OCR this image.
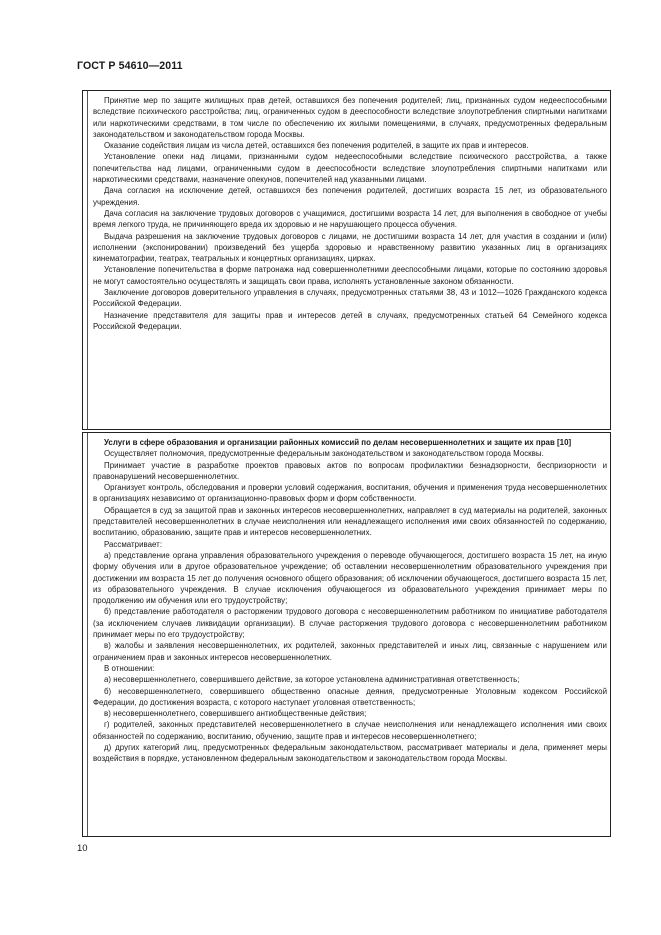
ГОСТ Р 54610—2011

Принятие мер по защите жилищных прав детей, оставшихся без попечения родителей; лиц, признанных судом недееспособными вследствие психического расстройства; лиц, ограниченных судом в дееспособности вследствие злоупотребления спиртными напитками или наркотическими средствами, в том числе по обеспечению их жилыми помещениями, в случаях, предусмотренных федеральным законодательством и законодательством города Москвы.

Оказание содействия лицам из числа детей, оставшихся без попечения родителей, в защите их прав и интересов.

Установление опеки над лицами, признанными судом недееспособными вследствие психического расстройства, а также попечительства над лицами, ограниченными судом в дееспособности вследствие злоупотребления спиртными напитками или наркотическими средствами, назначение опекунов, попечителей над указанными лицами.

Дача согласия на исключение детей, оставшихся без попечения родителей, достигших возраста 15 лет, из образовательного учреждения.

Дача согласия на заключение трудовых договоров с учащимися, достигшими возраста 14 лет, для выполнения в свободное от учебы время легкого труда, не причиняющего вреда их здоровью и не нарушающего процесса обучения.

Выдача разрешения на заключение трудовых договоров с лицами, не достигшими возраста 14 лет, для участия в создании и (или) исполнении (экспонировании) произведений без ущерба здоровью и нравственному развитию указанных лиц в организациях кинематографии, театрах, театральных и концертных организациях, цирках.

Установление попечительства в форме патронажа над совершеннолетними дееспособными лицами, которые по состоянию здоровья не могут самостоятельно осуществлять и защищать свои права, исполнять установленные законом обязанности.

Заключение договоров доверительного управления в случаях, предусмотренных статьями 38, 43 и 1012—1026 Гражданского кодекса Российской Федерации.

Назначение представителя для защиты прав и интересов детей в случаях, предусмотренных статьей 64 Семейного кодекса Российской Федерации.

Услуги в сфере образования и организации районных комиссий по делам несовершеннолетних и защите их прав [10]

Осуществляет полномочия, предусмотренные федеральным законодательством и законодательством города Москвы.

Принимает участие в разработке проектов правовых актов по вопросам профилактики безнадзорности, беспризорности и правонарушений несовершеннолетних.

Организует контроль, обследования и проверки условий содержания, воспитания, обучения и применения труда несовершеннолетних в организациях независимо от организационно-правовых форм и форм собственности.

Обращается в суд за защитой прав и законных интересов несовершеннолетних, направляет в суд материалы на родителей, законных представителей несовершеннолетних в случае неисполнения или ненадлежащего исполнения ими своих обязанностей по содержанию, воспитанию, образованию, защите прав и интересов несовершеннолетних.

Рассматривает:

а) представление органа управления образовательного учреждения о переводе обучающегося, достигшего возраста 15 лет, на иную форму обучения или в другое образовательное учреждение; об оставлении несовершеннолетним образовательного учреждения при достижении им возраста 15 лет до получения основного общего образования; об исключении обучающегося, достигшего возраста 15 лет, из образовательного учреждения. В случае исключения обучающегося из образовательного учреждения принимает меры по продолжению им обучения или его трудоустройству;

б) представление работодателя о расторжении трудового договора с несовершеннолетним работником по инициативе работодателя (за исключением случаев ликвидации организации). В случае расторжения трудового договора с несовершеннолетним работником принимает меры по его трудоустройству;

в) жалобы и заявления несовершеннолетних, их родителей, законных представителей и иных лиц, связанные с нарушением или ограничением прав и законных интересов несовершеннолетних.

В отношении:

а) несовершеннолетнего, совершившего действие, за которое установлена административная ответственность;

б) несовершеннолетнего, совершившего общественно опасные деяния, предусмотренные Уголовным кодексом Российской Федерации, до достижения возраста, с которого наступает уголовная ответственность;

в) несовершеннолетнего, совершившего антиобщественные действия;

г) родителей, законных представителей несовершеннолетнего в случае неисполнения или ненадлежащего исполнения ими своих обязанностей по содержанию, воспитанию, обучению, защите прав и интересов несовершеннолетнего;

д) других категорий лиц, предусмотренных федеральным законодательством, рассматривает материалы и дела, применяет меры воздействия в порядке, установленном федеральным законодательством и законодательством города Москвы.

10
